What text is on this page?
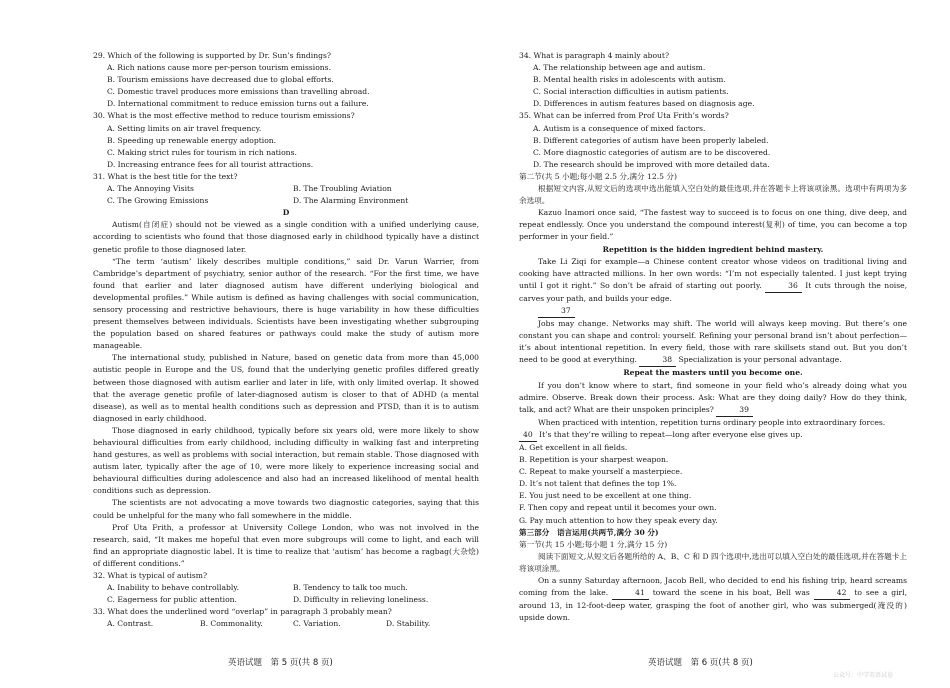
29. Which of the following is supported by Dr. Sun’s findings?
A. Rich nations cause more per-person tourism emissions.
B. Tourism emissions have decreased due to global efforts.
C. Domestic travel produces more emissions than travelling abroad.
D. International commitment to reduce emission turns out a failure.
30. What is the most effective method to reduce tourism emissions?
A. Setting limits on air travel frequency.
B. Speeding up renewable energy adoption.
C. Making strict rules for tourism in rich nations.
D. Increasing entrance fees for all tourist attractions.
31. What is the best title for the text?
A. The Annoying Visits	B. The Troubling Aviation
C. The Growing Emissions	D. The Alarming Environment
D
Autism(自闭症) should not be viewed as a single condition with a unified underlying cause, according to scientists who found that those diagnosed early in childhood typically have a distinct genetic profile to those diagnosed later.
“The term ‘autism’ likely describes multiple conditions,” said Dr. Varun Warrier, from Cambridge’s department of psychiatry, senior author of the research. “For the first time, we have found that earlier and later diagnosed autism have different underlying biological and developmental profiles.” While autism is defined as having challenges with social communication, sensory processing and restrictive behaviours, there is huge variability in how these difficulties present themselves between individuals. Scientists have been investigating whether subgrouping the population based on shared features or pathways could make the study of autism more manageable.
The international study, published in Nature, based on genetic data from more than 45,000 autistic people in Europe and the US, found that the underlying genetic profiles differed greatly between those diagnosed with autism earlier and later in life, with only limited overlap. It showed that the average genetic profile of later-diagnosed autism is closer to that of ADHD (a mental disease), as well as to mental health conditions such as depression and PTSD, than it is to autism diagnosed in early childhood.
Those diagnosed in early childhood, typically before six years old, were more likely to show behavioural difficulties from early childhood, including difficulty in walking fast and interpreting hand gestures, as well as problems with social interaction, but remain stable. Those diagnosed with autism later, typically after the age of 10, were more likely to experience increasing social and behavioural difficulties during adolescence and also had an increased likelihood of mental health conditions such as depression.
The scientists are not advocating a move towards two diagnostic categories, saying that this could be unhelpful for the many who fall somewhere in the middle.
Prof Uta Frith, a professor at University College London, who was not involved in the research, said, “It makes me hopeful that even more subgroups will come to light, and each will find an appropriate diagnostic label. It is time to realize that ‘autism’ has become a ragbag(大杂烩) of different conditions.”
32. What is typical of autism?
A. Inability to behave controllably.	B. Tendency to talk too much.
C. Eagerness for public attention.	D. Difficulty in relieving loneliness.
33. What does the underlined word “overlap” in paragraph 3 probably mean?
A. Contrast.	B. Commonality.	C. Variation.	D. Stability.
34. What is paragraph 4 mainly about?
A. The relationship between age and autism.
B. Mental health risks in adolescents with autism.
C. Social interaction difficulties in autism patients.
D. Differences in autism features based on diagnosis age.
35. What can be inferred from Prof Uta Frith’s words?
A. Autism is a consequence of mixed factors.
B. Different categories of autism have been properly labeled.
C. More diagnostic categories of autism are to be discovered.
D. The research should be improved with more detailed data.
第二节(共 5 小题;每小题 2.5 分,满分 12.5 分)
根据短文内容,从短文后的选项中选出能填入空白处的最佳选项,并在答题卡上将该项涂黑。选项中有两项为多余选项。
Kazuo Inamori once said, “The fastest way to succeed is to focus on one thing, dive deep, and repeat endlessly. Once you understand the compound interest(复利) of time, you can become a top performer in your field.”
Repetition is the hidden ingredient behind mastery.
Take Li Ziqi for example—a Chinese content creator whose videos on traditional living and cooking have attracted millions. In her own words: “I’m not especially talented. I just kept trying until I got it right.” So don’t be afraid of starting out poorly.	36 It cuts through the noise, carves your path, and builds your edge.
37
Jobs may change. Networks may shift. The world will always keep moving. But there’s one constant you can shape and control: yourself. Refining your personal brand isn’t about perfection—it’s about intentional repetition. In every field, those with rare skillsets stand out. But you don’t need to be good at everything.	38 Specialization is your personal advantage.
Repeat the masters until you become one.
If you don’t know where to start, find someone in your field who’s already doing what you admire. Observe. Break down their process. Ask: What are they doing daily? How do they think, talk, and act? What are their unspoken principles?	39
When practiced with intention, repetition turns ordinary people into extraordinary forces.
40 It’s that they’re willing to repeat—long after everyone else gives up.
A. Get excellent in all fields.
B. Repetition is your sharpest weapon.
C. Repeat to make yourself a masterpiece.
D. It’s not talent that defines the top 1%.
E. You just need to be excellent at one thing.
F. Then copy and repeat until it becomes your own.
G. Pay much attention to how they speak every day.
第三部分　语言运用(共两节,满分 30 分)
第一节(共 15 小题;每小题 1 分,满分 15 分)
阅读下面短文,从短文后各题所给的 A、B、C 和 D 四个选项中,选出可以填入空白处的最佳选项,并在答题卡上将该项涂黑。
On a sunny Saturday afternoon, Jacob Bell, who decided to end his fishing trip, heard screams coming from the lake.	41 toward the scene in his boat, Bell was	42 to see a girl, around 13, in 12-foot-deep water, grasping the foot of another girl, who was submerged(淹没的) upside down.
英语试题　第 5 页(共 8 页)	英语试题　第 6 页(共 8 页)
公众号：中学英语试卷
